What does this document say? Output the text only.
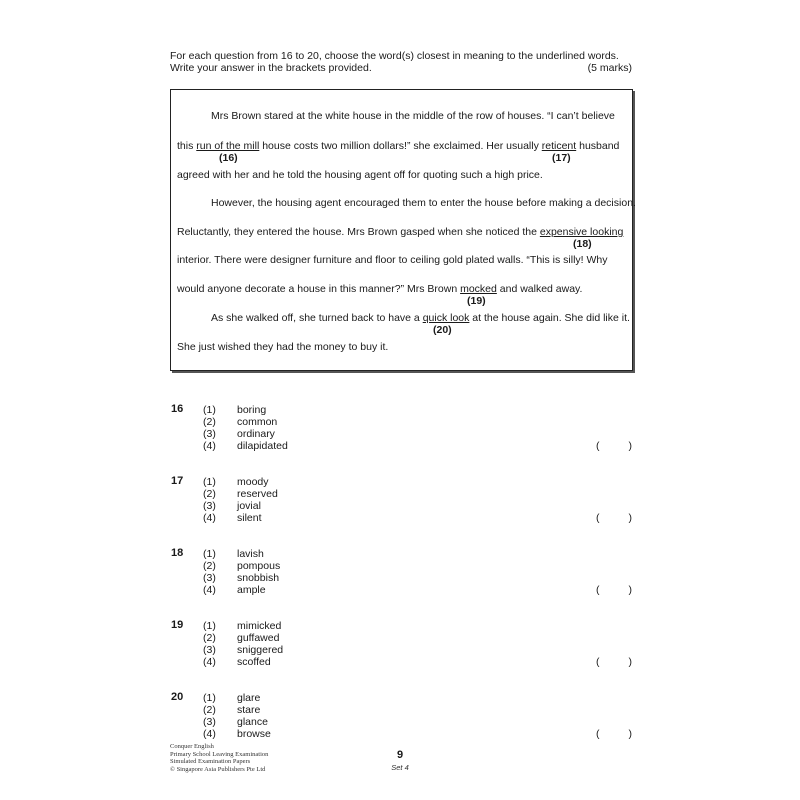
For each question from 16 to 20, choose the word(s) closest in meaning to the underlined words.
Write your answer in the brackets provided.	(5 marks)
Mrs Brown stared at the white house in the middle of the row of houses. “I can’t believe
this run of the mill house costs two million dollars!” she exclaimed. Her usually reticent husband
(16)	(17)
agreed with her and he told the housing agent off for quoting such a high price.
However, the housing agent encouraged them to enter the house before making a decision.
Reluctantly, they entered the house. Mrs Brown gasped when she noticed the expensive looking
(18)
interior. There were designer furniture and floor to ceiling gold plated walls. “This is silly! Why
would anyone decorate a house in this manner?” Mrs Brown mocked and walked away.
(19)
As she walked off, she turned back to have a quick look at the house again. She did like it.
(20)
She just wished they had the money to buy it.
16 (1) boring
(2) common
(3) ordinary
(4) dilapidated	(	)
17 (1) moody
(2) reserved
(3) jovial
(4) silent	(	)
18 (1) lavish
(2) pompous
(3) snobbish
(4) ample	(	)
19 (1) mimicked
(2) guffawed
(3) sniggered
(4) scoffed	(	)
20 (1) glare
(2) stare
(3) glance
(4) browse	(	)
Conquer English
Primary School Leaving Examination
Simulated Examination Papers
© Singapore Asia Publishers Pte Ltd
9
Set 4
